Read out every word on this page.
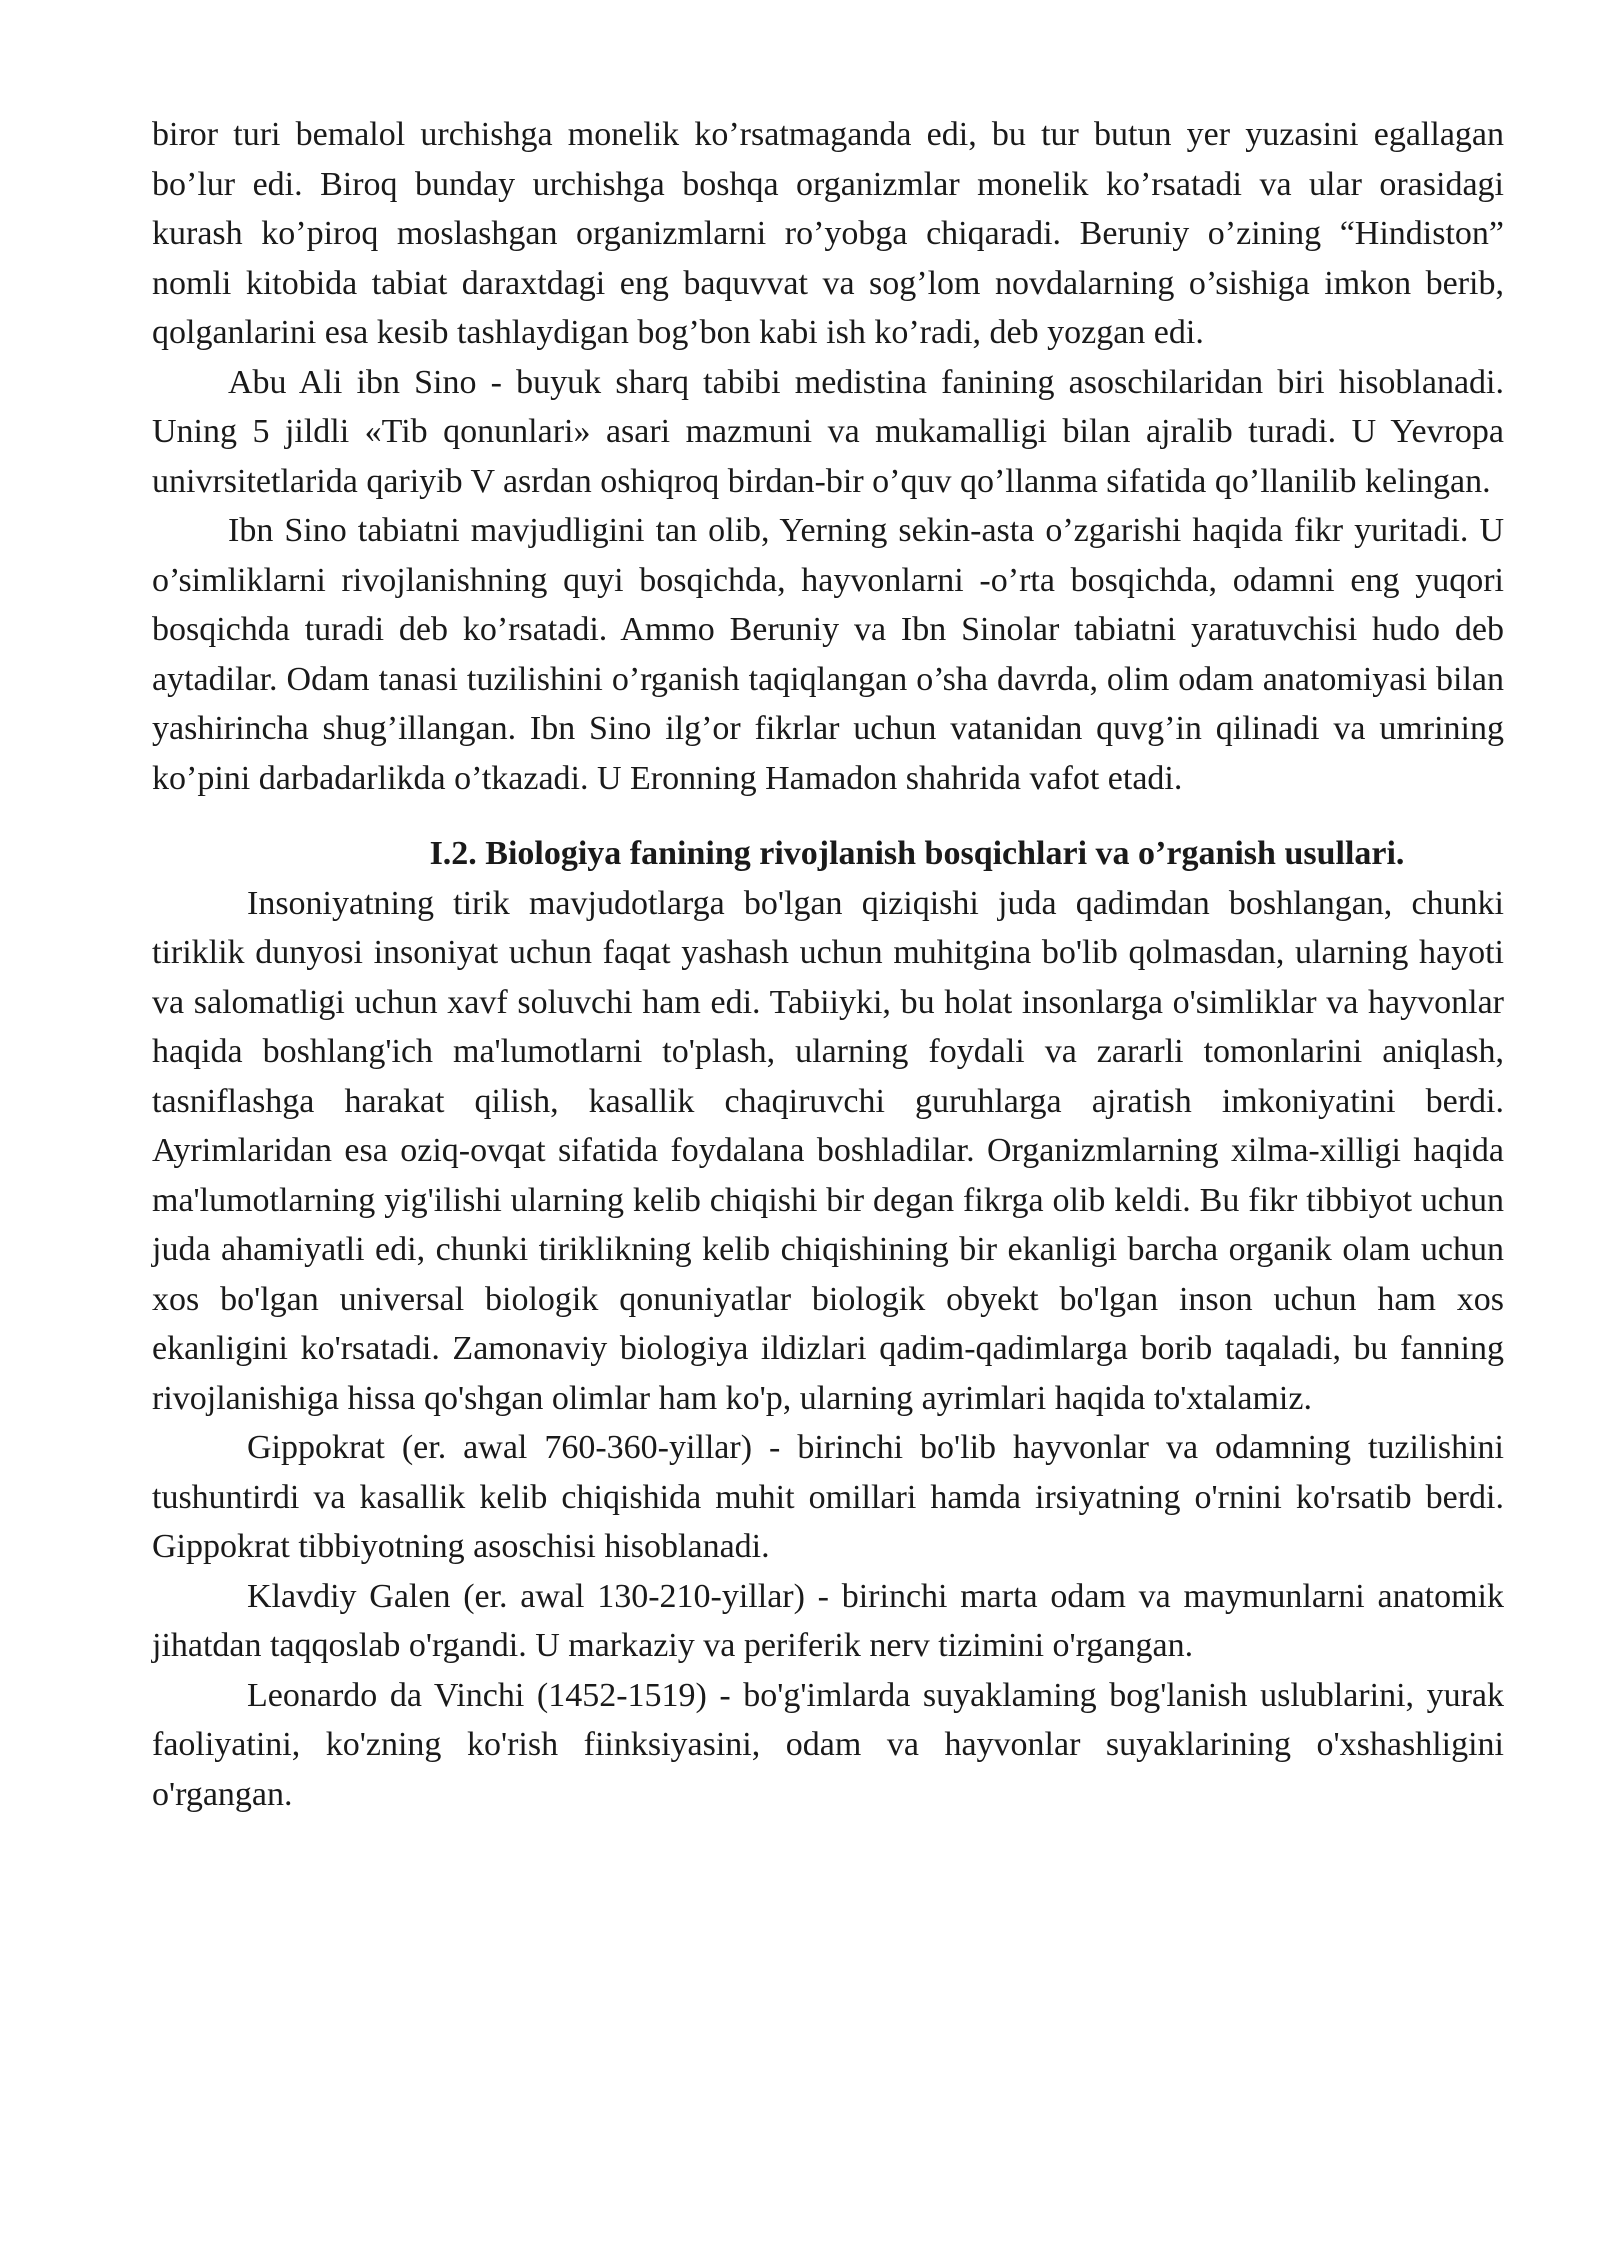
biror turi bemalol urchishga monelik ko’rsatmaganda edi, bu tur butun yer yuzasini egallagan bo’lur edi. Biroq bunday urchishga boshqa organizmlar monelik ko’rsatadi va ular orasidagi kurash ko’piroq moslashgan organizmlarni ro’yobga chiqaradi. Beruniy o’zining “Hindiston” nomli kitobida tabiat daraxtdagi eng baquvvat va sog’lom novdalarning o’sishiga imkon berib, qolganlarini esa kesib tashlaydigan bog’bon kabi ish ko’radi, deb yozgan edi.

Abu Ali ibn Sino - buyuk sharq tabibi medistina fanining asoschilaridan biri hisoblanadi. Uning 5 jildli «Tib qonunlari» asari mazmuni va mukamalligi bilan ajralib turadi. U Yevropa univrsitetlarida qariyib V asrdan oshiqroq birdan-bir o’quv qo’llanma sifatida qo’llanilib kelingan.

Ibn Sino tabiatni mavjudligini tan olib, Yerning sekin-asta o’zgarishi haqida fikr yuritadi. U o’simliklarni rivojlanishning quyi bosqichda, hayvonlarni -o’rta bosqichda, odamni eng yuqori bosqichda turadi deb ko’rsatadi. Ammo Beruniy va Ibn Sinolar tabiatni yaratuvchisi hudo deb aytadilar. Odam tanasi tuzilishini o’rganish taqiqlangan o’sha davrda, olim odam anatomiyasi bilan yashirincha shug’illangan. Ibn Sino ilg’or fikrlar uchun vatanidan quvg’in qilinadi va umrining ko’pini darbadarlikda o’tkazadi. U Eronning Hamadon shahrida vafot etadi.

I.2. Biologiya fanining rivojlanish bosqichlari va o’rganish usullari.

Insoniyatning tirik mavjudotlarga bo'lgan qiziqishi juda qadimdan boshlangan, chunki tiriklik dunyosi insoniyat uchun faqat yashash uchun muhitgina bo'lib qolmasdan, ularning hayoti va salomatligi uchun xavf soluvchi ham edi. Tabiiyki, bu holat insonlarga o'simliklar va hayvonlar haqida boshlang'ich ma'lumotlarni to'plash, ularning foydali va zararli tomonlarini aniqlash, tasniflashga harakat qilish, kasallik chaqiruvchi guruhlarga ajratish imkoniyatini berdi. Ayrimlaridan esa oziq-ovqat sifatida foydalana boshladilar. Organizmlarning xilma-xilligi haqida ma'lumotlarning yig'ilishi ularning kelib chiqishi bir degan fikrga olib keldi. Bu fikr tibbiyot uchun juda ahamiyatli edi, chunki tiriklikning kelib chiqishining bir ekanligi barcha organik olam uchun xos bo'lgan universal biologik qonuniyatlar biologik obyekt bo'lgan inson uchun ham xos ekanligini ko'rsatadi. Zamonaviy biologiya ildizlari qadim-qadimlarga borib taqaladi, bu fanning rivojlanishiga hissa qo'shgan olimlar ham ko'p, ularning ayrimlari haqida to'xtalamiz.

Gippokrat (er. awal 760-360-yillar) - birinchi bo'lib hayvonlar va odamning tuzilishini tushuntirdi va kasallik kelib chiqishida muhit omillari hamda irsiyatning o'rnini ko'rsatib berdi. Gippokrat tibbiyotning asoschisi hisoblanadi.

Klavdiy Galen (er. awal 130-210-yillar) - birinchi marta odam va maymunlarni anatomik jihatdan taqqoslab o'rgandi. U markaziy va periferik nerv tizimini o'rgangan.

Leonardo da Vinchi (1452-1519) - bo'g'imlarda suyaklaming bog'lanish uslublarini, yurak faoliyatini, ko'zning ko'rish fiinksiyasini, odam va hayvonlar suyaklarining o'xshashligini o'rgangan.
